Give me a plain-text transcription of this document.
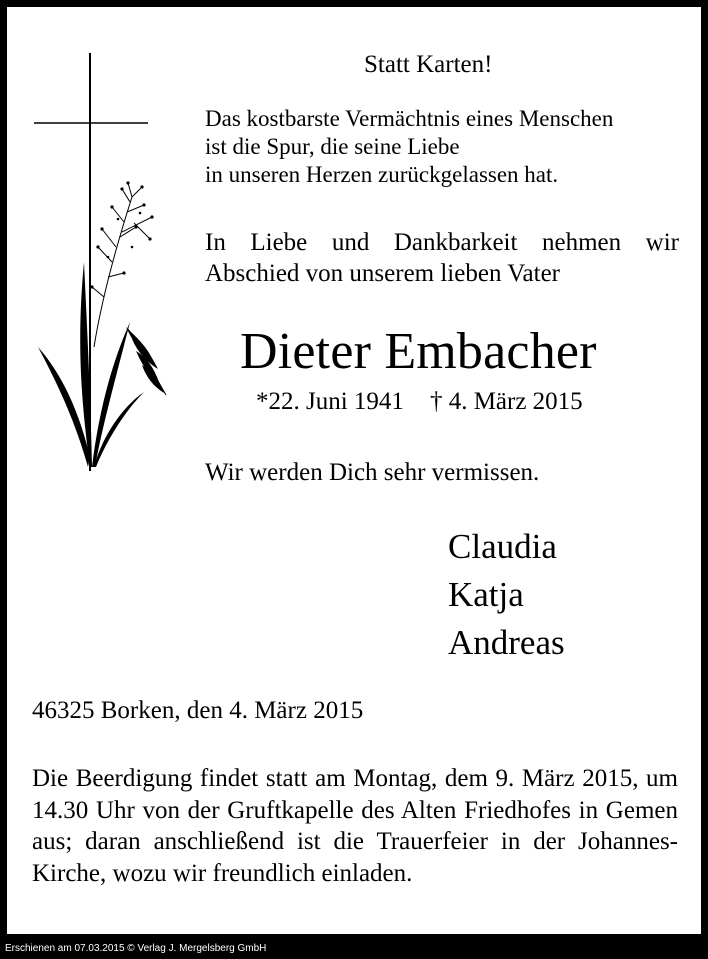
Statt Karten!
Das kostbarste Vermächtnis eines Menschen
ist die Spur, die seine Liebe
in unseren Herzen zurückgelassen hat.
In Liebe und Dankbarkeit nehmen wir Abschied von unserem lieben Vater
Dieter Embacher
*22. Juni 1941 † 4. März 2015
Wir werden Dich sehr vermissen.
Claudia
Katja
Andreas
46325 Borken, den 4. März 2015
Die Beerdigung findet statt am Montag, dem 9. März 2015, um 14.30 Uhr von der Gruftkapelle des Alten Friedhofes in Gemen aus; daran anschließend ist die Trauerfeier in der Johannes-Kirche, wozu wir freundlich einladen.
Erschienen am 07.03.2015 © Verlag J. Mergelsberg GmbH
